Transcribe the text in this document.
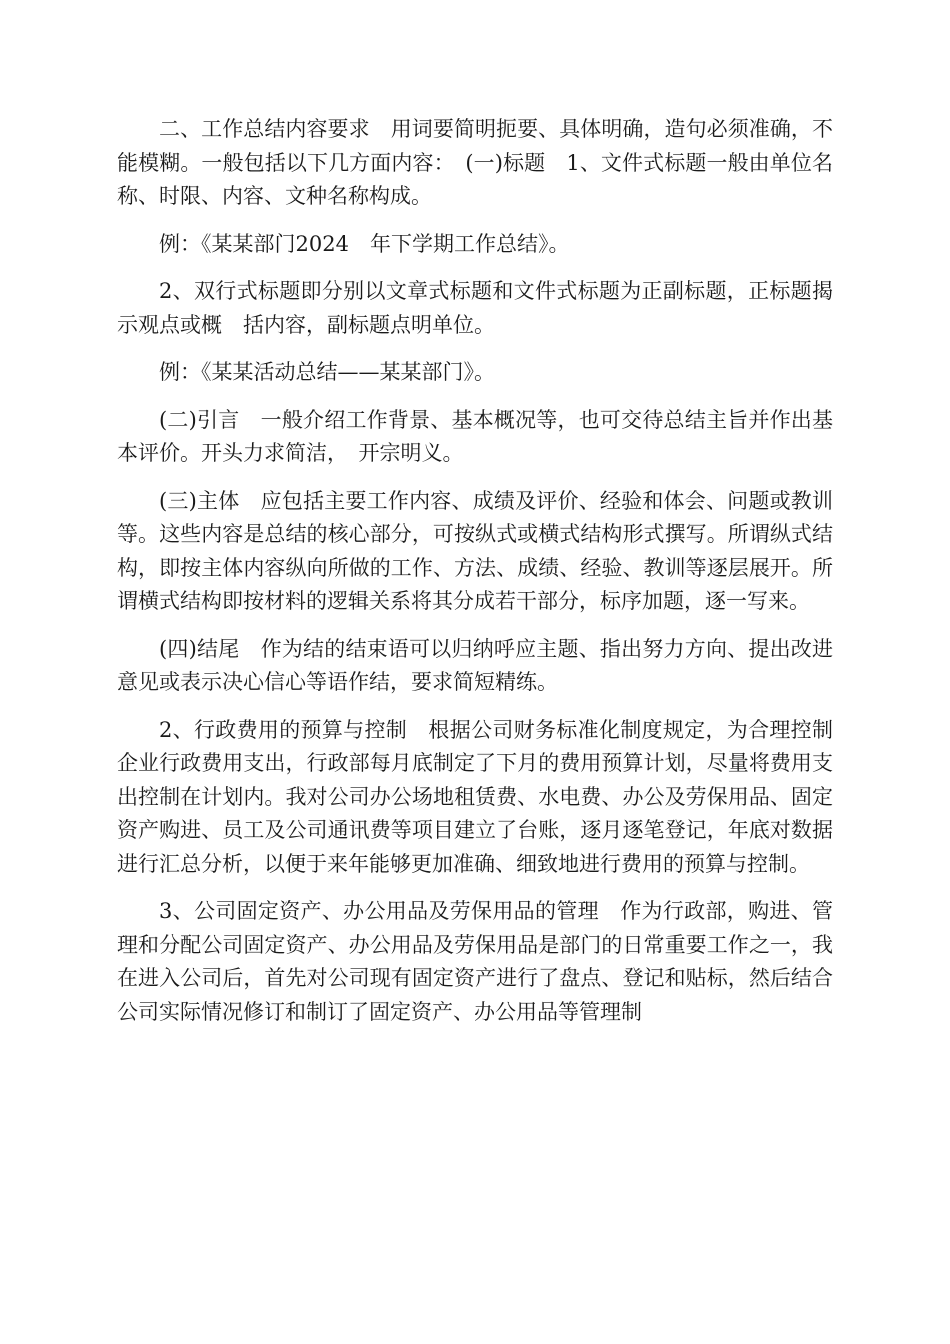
二、工作总结内容要求　用词要简明扼要、具体明确，造句必须准确，不能模糊。一般包括以下几方面内容：　(一)标题　1、文件式标题一般由单位名称、时限、内容、文种名称构成。

例：《某某部门2024　年下学期工作总结》。

2、双行式标题即分别以文章式标题和文件式标题为正副标题，正标题揭示观点或概　括内容，副标题点明单位。

例：《某某活动总结——某某部门》。

(二)引言　一般介绍工作背景、基本概况等，也可交待总结主旨并作出基本评价。开头力求简洁，　开宗明义。

(三)主体　应包括主要工作内容、成绩及评价、经验和体会、问题或教训等。这些内容是总结的核心部分，可按纵式或横式结构形式撰写。所谓纵式结构，即按主体内容纵向所做的工作、方法、成绩、经验、教训等逐层展开。所谓横式结构即按材料的逻辑关系将其分成若干部分，标序加题，逐一写来。

(四)结尾　作为结的结束语可以归纳呼应主题、指出努力方向、提出改进意见或表示决心信心等语作结，要求简短精练。

2、行政费用的预算与控制　根据公司财务标准化制度规定，为合理控制企业行政费用支出，行政部每月底制定了下月的费用预算计划，尽量将费用支出控制在计划内。我对公司办公场地租赁费、水电费、办公及劳保用品、固定资产购进、员工及公司通讯费等项目建立了台账，逐月逐笔登记，年底对数据进行汇总分析，以便于来年能够更加准确、细致地进行费用的预算与控制。

3、公司固定资产、办公用品及劳保用品的管理　作为行政部，购进、管理和分配公司固定资产、办公用品及劳保用品是部门的日常重要工作之一，我在进入公司后，首先对公司现有固定资产进行了盘点、登记和贴标，然后结合公司实际情况修订和制订了固定资产、办公用品等管理制
